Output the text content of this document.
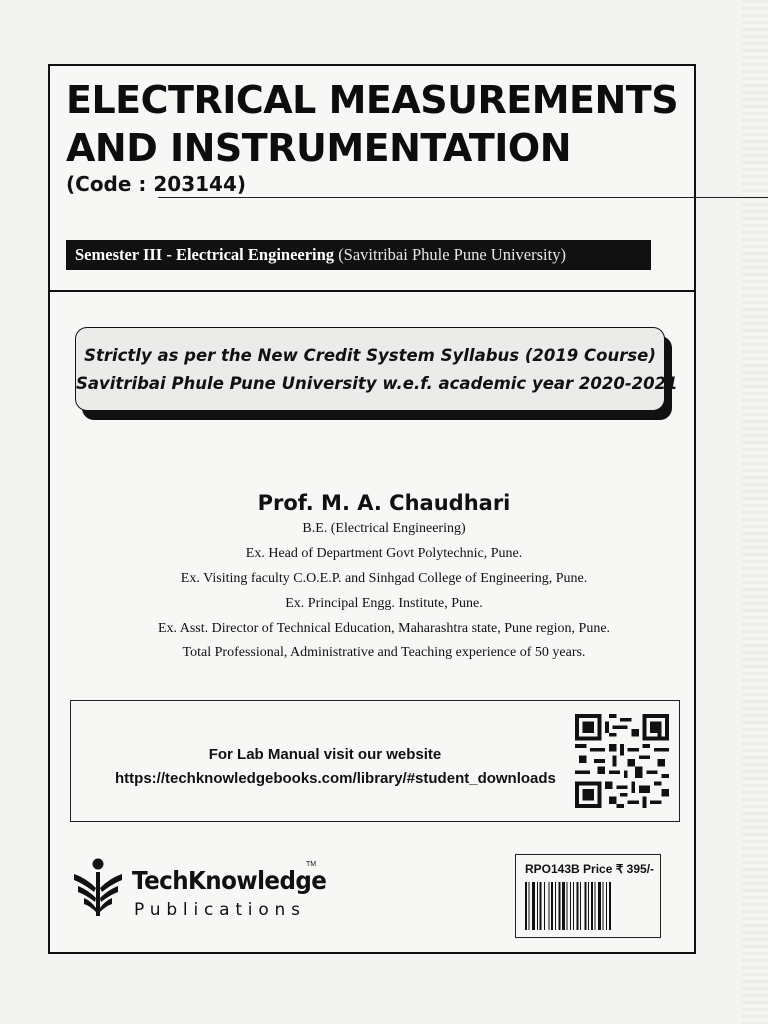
ELECTRICAL MEASUREMENTS
AND INSTRUMENTATION
(Code : 203144)
Semester III - Electrical Engineering (Savitribai Phule Pune University)
Strictly as per the New Credit System Syllabus (2019 Course)
Savitribai Phule Pune University w.e.f. academic year 2020-2021
Prof. M. A. Chaudhari
B.E. (Electrical Engineering)
Ex. Head of Department Govt Polytechnic, Pune.
Ex. Visiting faculty C.O.E.P. and Sinhgad College of Engineering, Pune.
Ex. Principal Engg. Institute, Pune.
Ex. Asst. Director of Technical Education, Maharashtra state, Pune region, Pune.
Total Professional, Administrative and Teaching experience of 50 years.
For Lab Manual visit our website
https://techknowledgebooks.com/library/#student_downloads
TechKnowledge
TM
Publications
RPO143B Price ₹ 395/-
